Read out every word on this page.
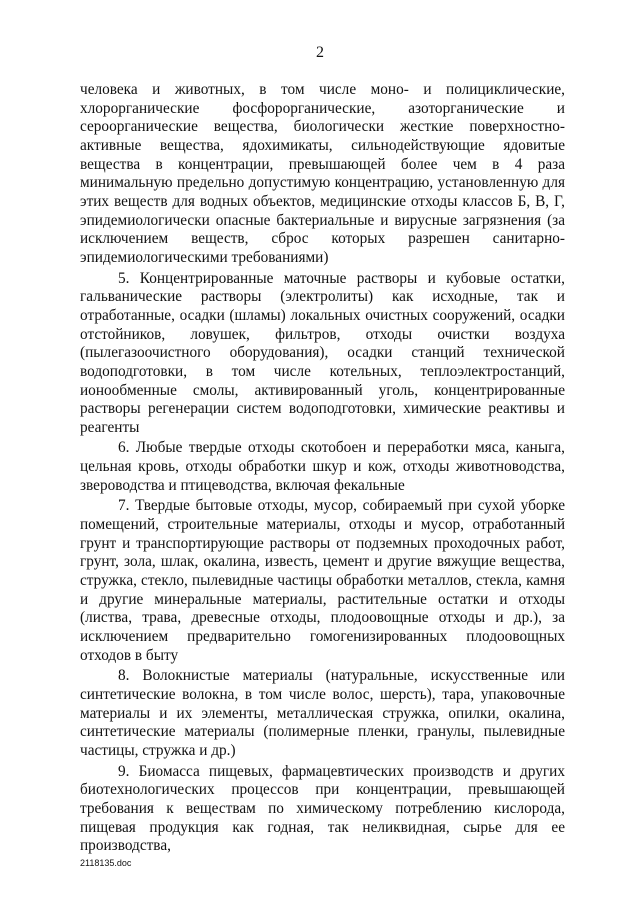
2

человека и животных, в том числе моно- и полициклические, хлорорганические фосфорорганические, азоторганические и сероорганические вещества, биологически жесткие поверхностно-активные вещества, ядохимикаты, сильнодействующие ядовитые вещества в концентрации, превышающей более чем в 4 раза минимальную предельно допустимую концентрацию, установленную для этих веществ для водных объектов, медицинские отходы классов Б, В, Г, эпидемиологически опасные бактериальные и вирусные загрязнения (за исключением веществ, сброс которых разрешен санитарно-эпидемиологическими требованиями)

5. Концентрированные маточные растворы и кубовые остатки, гальванические растворы (электролиты) как исходные, так и отработанные, осадки (шламы) локальных очистных сооружений, осадки отстойников, ловушек, фильтров, отходы очистки воздуха (пылегазоочистного оборудования), осадки станций технической водоподготовки, в том числе котельных, теплоэлектростанций, ионообменные смолы, активированный уголь, концентрированные растворы регенерации систем водоподготовки, химические реактивы и реагенты

6. Любые твердые отходы скотобоен и переработки мяса, каныга, цельная кровь, отходы обработки шкур и кож, отходы животноводства, звероводства и птицеводства, включая фекальные

7. Твердые бытовые отходы, мусор, собираемый при сухой уборке помещений, строительные материалы, отходы и мусор, отработанный грунт и транспортирующие растворы от подземных проходочных работ, грунт, зола, шлак, окалина, известь, цемент и другие вяжущие вещества, стружка, стекло, пылевидные частицы обработки металлов, стекла, камня и другие минеральные материалы, растительные остатки и отходы (листва, трава, древесные отходы, плодоовощные отходы и др.), за исключением предварительно гомогенизированных плодоовощных отходов в быту

8. Волокнистые материалы (натуральные, искусственные или синтетические волокна, в том числе волос, шерсть), тара, упаковочные материалы и их элементы, металлическая стружка, опилки, окалина, синтетические материалы (полимерные пленки, гранулы, пылевидные частицы, стружка и др.)

9. Биомасса пищевых, фармацевтических производств и других биотехнологических процессов при концентрации, превышающей требования к веществам по химическому потреблению кислорода, пищевая продукция как годная, так неликвидная, сырье для ее производства,

2118135.doc
